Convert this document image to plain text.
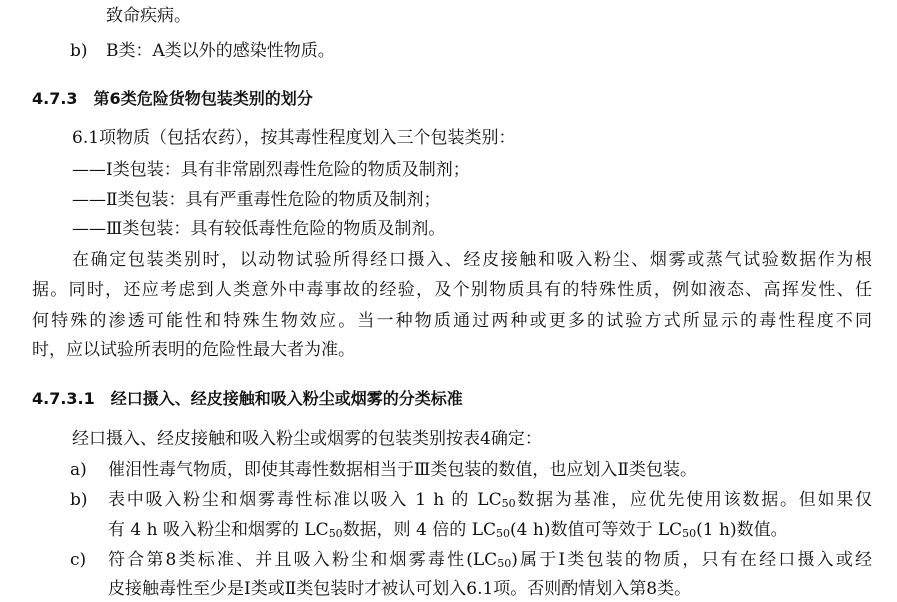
致命疾病。
b) B类：A类以外的感染性物质。
4.7.3　第6类危险货物包装类别的划分
6.1项物质（包括农药），按其毒性程度划入三个包装类别：
——Ⅰ类包装：具有非常剧烈毒性危险的物质及制剂；
——Ⅱ类包装：具有严重毒性危险的物质及制剂；
——Ⅲ类包装：具有较低毒性危险的物质及制剂。
在确定包装类别时，以动物试验所得经口摄入、经皮接触和吸入粉尘、烟雾或蒸气试验数据作为根
据。同时，还应考虑到人类意外中毒事故的经验，及个别物质具有的特殊性质，例如液态、高挥发性、任
何特殊的渗透可能性和特殊生物效应。当一种物质通过两种或更多的试验方式所显示的毒性程度不同
时，应以试验所表明的危险性最大者为准。
4.7.3.1　经口摄入、经皮接触和吸入粉尘或烟雾的分类标准
经口摄入、经皮接触和吸入粉尘或烟雾的包装类别按表4确定：
a) 催泪性毒气物质，即使其毒性数据相当于Ⅲ类包装的数值，也应划入Ⅱ类包装。
b) 表中吸入粉尘和烟雾毒性标准以吸入 1 h 的 $LC_{50}$数据为基准，应优先使用该数据。但如果仅
有 4 h 吸入粉尘和烟雾的 $LC_{50}$数据，则 4 倍的 $LC_{50}(4$ h)数值可等效于 $LC_{50}(1$ h)数值。
c) 符合第8类标准、并且吸入粉尘和烟雾毒性$(LC_{50})$属于Ⅰ类包装的物质，只有在经口摄入或经
皮接触毒性至少是Ⅰ类或Ⅱ类包装时才被认可划入6.1项。否则酌情划入第8类。
